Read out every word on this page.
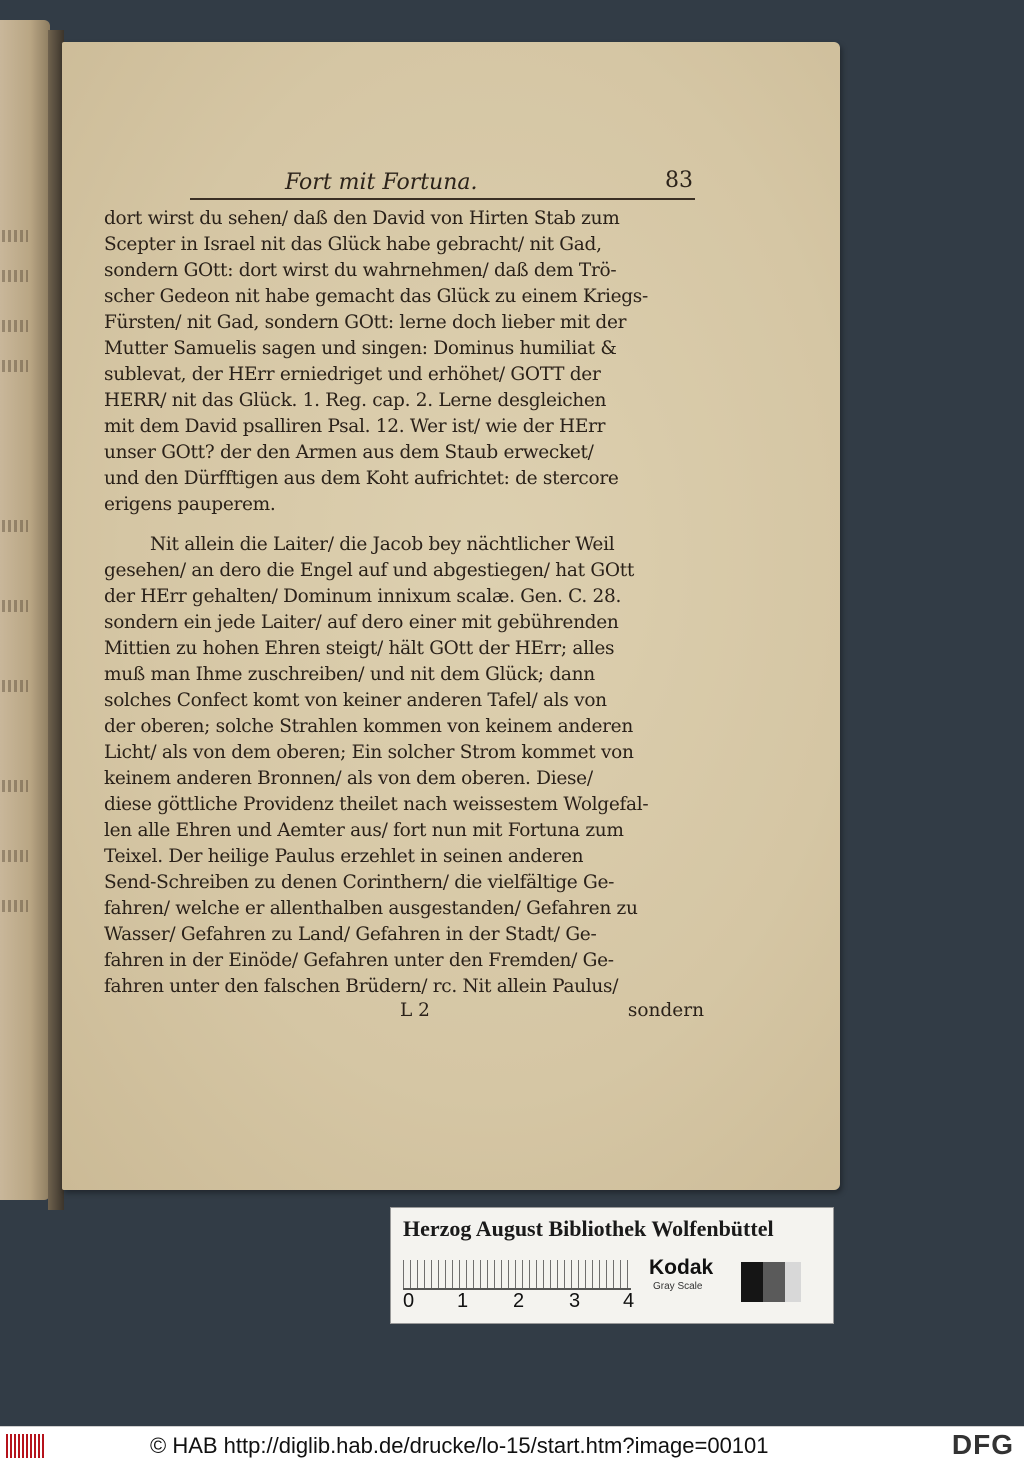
Fort mit Fortuna.	83
dort wirst du sehen/ daß den David von Hirten Stab zum
Scepter in Israel nit das Glück habe gebracht/ nit Gad,
sondern GOtt: dort wirst du wahrnehmen/ daß dem Trö-
scher Gedeon nit habe gemacht das Glück zu einem Kriegs-
Fürsten/ nit Gad, sondern GOtt: lerne doch lieber mit der
Mutter Samuelis sagen und singen: Dominus humiliat &
sublevat, der HErr erniedriget und erhöhet/ GOTT der
HERR/ nit das Glück. 1. Reg. cap. 2. Lerne desgleichen
mit dem David psalliren Psal. 12. Wer ist/ wie der HErr
unser GOtt? der den Armen aus dem Staub erwecket/
und den Dürfftigen aus dem Koht aufrichtet: de stercore
erigens pauperem.
Nit allein die Laiter/ die Jacob bey nächtlicher Weil
gesehen/ an dero die Engel auf und abgestiegen/ hat GOtt
der HErr gehalten/ Dominum innixum scalæ. Gen. C. 28.
sondern ein jede Laiter/ auf dero einer mit gebührenden
Mittien zu hohen Ehren steigt/ hält GOtt der HErr; alles
muß man Ihme zuschreiben/ und nit dem Glück; dann
solches Confect komt von keiner anderen Tafel/ als von
der oberen; solche Strahlen kommen von keinem anderen
Licht/ als von dem oberen; Ein solcher Strom kommet von
keinem anderen Bronnen/ als von dem oberen. Diese/
diese göttliche Providenz theilet nach weissestem Wolgefal-
len alle Ehren und Aemter aus/ fort nun mit Fortuna zum
Teixel. Der heilige Paulus erzehlet in seinen anderen
Send-Schreiben zu denen Corinthern/ die vielfältige Ge-
fahren/ welche er allenthalben ausgestanden/ Gefahren zu
Wasser/ Gefahren zu Land/ Gefahren in der Stadt/ Ge-
fahren in der Einöde/ Gefahren unter den Fremden/ Ge-
fahren unter den falschen Brüdern/ rc. Nit allein Paulus/
L 2	sondern
Herzog August Bibliothek Wolfenbüttel
0 1 2 3 4
Kodak
Gray Scale
© HAB http://diglib.hab.de/drucke/lo-15/start.htm?image=00101	DFG
